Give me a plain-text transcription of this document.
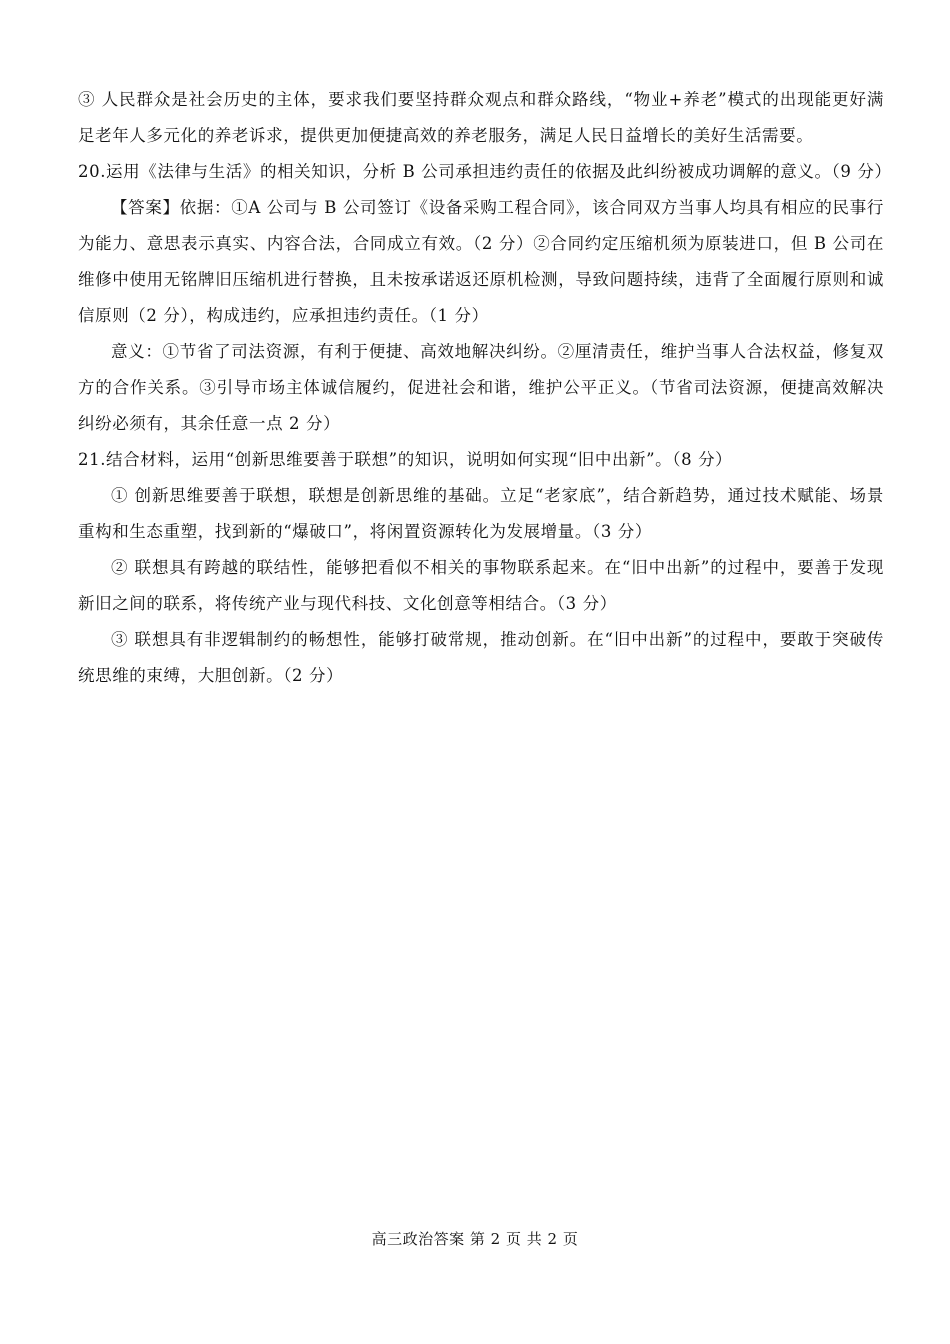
③ 人民群众是社会历史的主体，要求我们要坚持群众观点和群众路线，“物业+养老”模式的出现能更好满足老年人多元化的养老诉求，提供更加便捷高效的养老服务，满足人民日益增长的美好生活需要。

20.运用《法律与生活》的相关知识，分析 B 公司承担违约责任的依据及此纠纷被成功调解的意义。（9 分）

【答案】依据：①A 公司与 B 公司签订《设备采购工程合同》，该合同双方当事人均具有相应的民事行为能力、意思表示真实、内容合法，合同成立有效。（2 分）②合同约定压缩机须为原装进口，但 B 公司在维修中使用无铭牌旧压缩机进行替换，且未按承诺返还原机检测，导致问题持续，违背了全面履行原则和诚信原则（2 分），构成违约，应承担违约责任。（1 分）

意义：①节省了司法资源，有利于便捷、高效地解决纠纷。②厘清责任，维护当事人合法权益，修复双方的合作关系。③引导市场主体诚信履约，促进社会和谐，维护公平正义。（节省司法资源，便捷高效解决纠纷必须有，其余任意一点 2 分）

21.结合材料，运用“创新思维要善于联想”的知识，说明如何实现“旧中出新”。（8 分）

① 创新思维要善于联想，联想是创新思维的基础。立足“老家底”，结合新趋势，通过技术赋能、场景重构和生态重塑，找到新的“爆破口”，将闲置资源转化为发展增量。（3 分）

② 联想具有跨越的联结性，能够把看似不相关的事物联系起来。在“旧中出新”的过程中，要善于发现新旧之间的联系，将传统产业与现代科技、文化创意等相结合。（3 分）

③ 联想具有非逻辑制约的畅想性，能够打破常规，推动创新。在“旧中出新”的过程中，要敢于突破传统思维的束缚，大胆创新。（2 分）

高三政治答案 第 2 页 共 2 页
